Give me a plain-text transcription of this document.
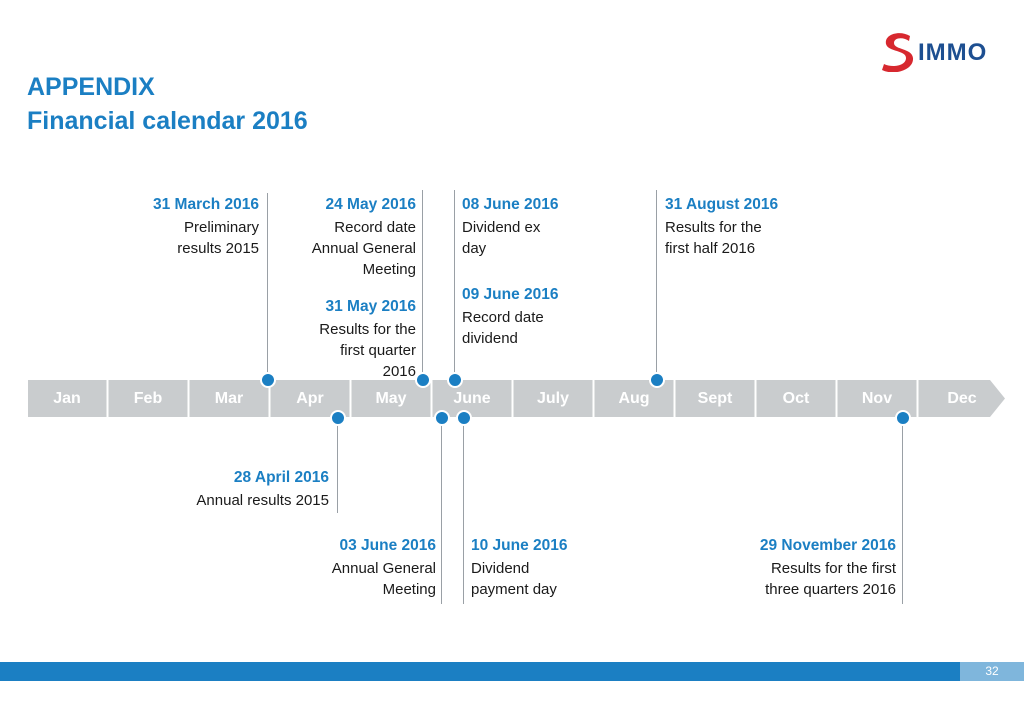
APPENDIX
Financial calendar 2016
IMMO
Jan	Feb	Mar	Apr	May	June	July	Aug	Sept	Oct	Nov	Dec
31 March 2016
Preliminary
results 2015
24 May 2016
Record date
Annual General
Meeting
31 May 2016
Results for the
first quarter
2016
08 June 2016
Dividend ex
day
09 June 2016
Record date
dividend
31 August 2016
Results for the
first half 2016
28 April 2016
Annual results 2015
03 June 2016
Annual General
Meeting
10 June 2016
Dividend
payment day
29 November 2016
Results for the first
three quarters 2016
32
